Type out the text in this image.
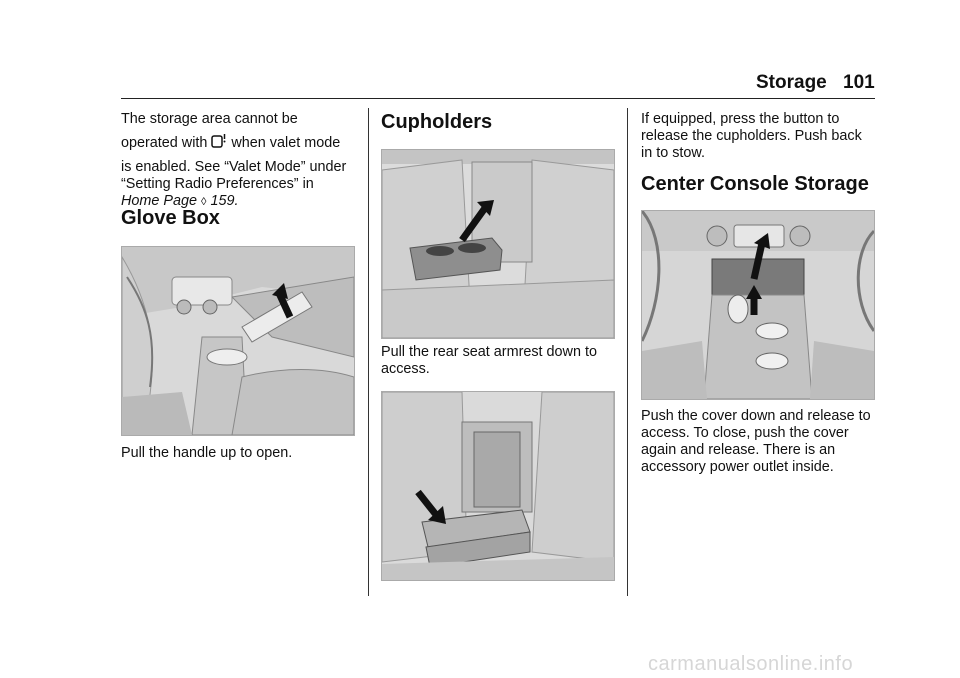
Storage 101
The storage area cannot be
operated with when valet mode
is enabled. See “Valet Mode” under
“Setting Radio Preferences” in
Home Page ◊ 159.
Glove Box
Pull the handle up to open.
Cupholders
Pull the rear seat armrest down to
access.
If equipped, press the button to
release the cupholders. Push back
in to stow.
Center Console Storage
Push the cover down and release to
access. To close, push the cover
again and release. There is an
accessory power outlet inside.
carmanualsonline.info
